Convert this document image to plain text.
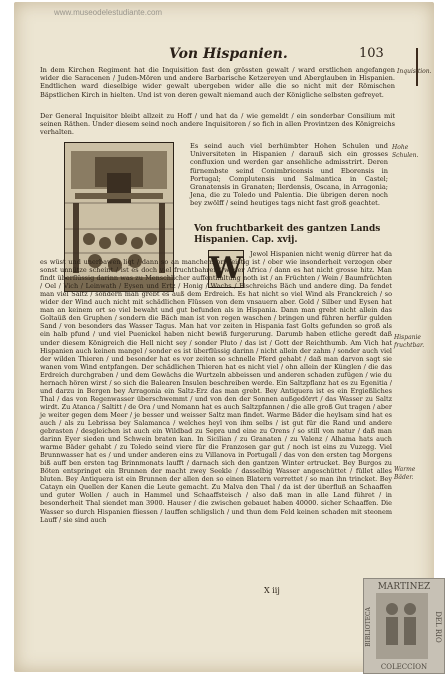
www.museodelestudiante.com
Von Hispanien.	103
In dem Kirchen Regiment hat die Inquisition fast den grössten gewalt / ward erstlichen angefangen wider die Saracenen / Juden-Mören und andere Barbarische Ketzereyen und Aberglauben in Hispanien. Endtlichen ward dieselbige wider gewalt ubergeben wider alle die so nicht mit der Römischen Bäpstlichen Kirch in hielten. Und ist von deren gewalt niemand auch der Königliche selbsten gefreyet.
Inquisition.
Der General Inquisitor bleibt allzeit zu Hoff / und hat da / wie gemeldt / ein sonderbar Consilium mit seinen Räthen. Under diesem seind noch andere Inquisitoren / so fich in allen Provintzen des Königreichs verhalten.
Es seind auch viel berhümbter Hohen Schulen und Universiteten in Hispanien / darauß sich ein grosses confluxion und werden gar ansehliche admisstrirt. Deren fürnembste seind Conimbricensis und Eborensis in Portugal; Complutensis und Salmantica in Castel; Granatensis in Granaten; Ilerdensis, Oscana, in Arragonia; Jena, die zu Toledo und Palentia. Die übrigen deren noch bey zwölff / seind heutiges tags nicht fast groß geachtet.
Hohe Schulen.
Von fruchtbarkeit des gantzen Lands Hispanien. Cap. xvij.
W	Jewol Hispanien nicht wenig dürrer hat da es wüst und unerbawen ligt / dann so an manchem ort feistig ist / ober wie insonderheit verzogen ober sonst unnütze scheint / ist es doch viel fruchtbahrer / weder Africa / dann es hat nicht grosse hitz. Man findt überflüssig darinn was zu Menschlicher auffenthaltung noth ist / an Früchten / Wein / Baumfrüchten / Oel / Vich / Leinwath / Eysen und Ertz / Honig / Wachs / Fischreichs Bäch und andere ding. Da fendet man viel Saltz / sondern man grebt es auß dem Erdreich. Es hat nicht so viel Wind als Franckreich / so wider der Wind auch nicht mit schädlichen Flüssen von dem vnsauern aber. Gold / Silber und Eysen hat man an keinem ort so viel bewaht und gut befunden als in Hispania. Dann man grebt nicht allein das Goltaüß den Gruphen / sondern die Bäch man ist von regen waschen / bringen und führen herfür gulden Sand / von besonders das Wasser Tagus. Man hat vor zeiten in Hispania fast Golts gefunden so groß als ein halb pfund / und viel Puenickel haben nicht bewiß furgerurung. Darumb haben etliche geredt daß under diesem Königreich die Hell nicht sey / sonder Pluto / das ist / Gott der Reichthumb. Am Vich hat Hispanien auch keinen mangel / sonder es ist überflüssig darinn / nicht allein der zahm / sonder auch viel der wilden Thieren / und besonder hat es vor zeiten so schnelle Pferd gehabt / daß man darvon sagt sie wanen vom Wind entpfangen. Der schädlichen Thieren hat es nicht viel / ohn allein der Künglen / die das Erdreich durchgraben / und dem Gewächs die Wurtzeln abbeissen und anderen schaden zufügen / wie du hernach hören wirst / so sich die Balearen Insulen beschreiben werde. Ein Saltzpflanz hat es zu Egenitia / und darzu in Bergen bey Arragonia ein Saltz-Erz das man grebt. Bey Antiquera ist es ein Ergießliches Thal / das von Regenwasser überschwemmt / und von den der Sonnen außgedörrt / das Wasser zu Saltz wirdt. Zu Atanca / Saltitt / de Ora / und Nomann hat es auch Saltzpfannen / die alle groß Gut tragen / aber je weiter gegen dem Meer / je besser und weisser Saltz man findet. Warme Bäder die heylsam sind hat es auch / als zu Lebrissa bey Salamanca / welches heyl von ihm selbs / ist gut für die Rand und andere gebrasten / desgleichen ist auch ein Wildbad zu Sepra und eine zu Orens / so still von natur / daß man darinn Eyer sieden und Schwein braten kan. In Sicilian / zu Granaten / zu Valenz / Alhama hats auch warme Bäder gehabt / zu Toledo seind viere für die Franzosen gar gut / noch ist eins zu Vuzegg. Viel Brunnwasser hat es / und under anderen eins zu Villanova in Portugall / das von den ersten tag Morgens biß auff ben ersten tag Brinnmonats laufft / darnach sich den gantzen Winter ertrucket. Bey Burgos zu Böten entspringet ein Brunnen der macht zwey Seekle / dasselbig Wasser angeschüttet / füllet alles bluten. Bey Antiquera ist ein Brunnen der allen den so einen Blatern verrettet / so man ihn trincket. Bey Catayn ein Quellen der Kanen die Leute gemacht. Zu Malva den Thal / da ist der überfluß an Schaaffen und guter Wollen / auch in Hammel und Schaaffsteisch / also daß man in alle Land führet / in besonderheit Thal siendet man 3900. Hauser / die zwischen gebauet haben 40000. sicher Schaaffen. Die Wasser so durch Hispanien fliessen / lauffen schligslich / und thun dem Feld keinen schaden mit steonem Lauff / sie sind auch
Hispanie fruchtbar.
Warme Bäder.
X iij	MARTINEZ
DEL RIO
BIBLIOTECA
COLECCION
